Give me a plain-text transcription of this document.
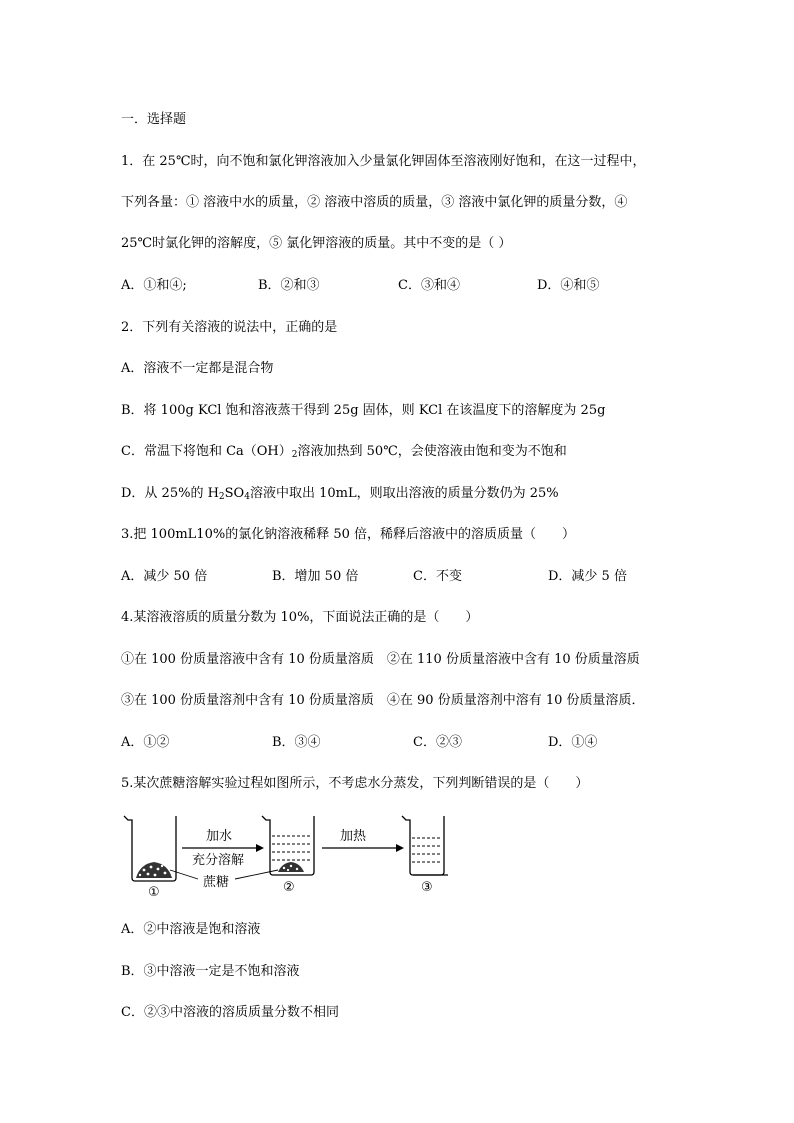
一．选择题
1．在 25℃时，向不饱和氯化钾溶液加入少量氯化钾固体至溶液刚好饱和，在这一过程中，
下列各量：① 溶液中水的质量，② 溶液中溶质的质量，③ 溶液中氯化钾的质量分数，④
25℃时氯化钾的溶解度，⑤ 氯化钾溶液的质量。其中不变的是（ ）
A．①和④;	B．②和③	C．③和④	D．④和⑤
2．下列有关溶液的说法中，正确的是
A．溶液不一定都是混合物
B．将 100g KCl 饱和溶液蒸干得到 25g 固体，则 KCl 在该温度下的溶解度为 25g
C．常温下将饱和 $Ca(OH)_2$溶液加热到 50℃，会使溶液由饱和变为不饱和
D．从 25%的 $H_2SO_4$溶液中取出 10mL，则取出溶液的质量分数仍为 25%
3.把 100mL10%的氯化钠溶液稀释 50 倍，稀释后溶液中的溶质质量（　　）
A．减少 50 倍	B．增加 50 倍	C．不变	D．减少 5 倍
4.某溶液溶质的质量分数为 10%，下面说法正确的是（　　）
①在 100 份质量溶液中含有 10 份质量溶质　②在 110 份质量溶液中含有 10 份质量溶质
③在 100 份质量溶剂中含有 10 份质量溶质　④在 90 份质量溶剂中溶有 10 份质量溶质．
A．①②	B．③④	C．②③	D．①④
5.某次蔗糖溶解实验过程如图所示，不考虑水分蒸发，下列判断错误的是（　　）
加水
充分溶解
蔗糖
加热
①	②	③
A．②中溶液是饱和溶液
B．③中溶液一定是不饱和溶液
C．②③中溶液的溶质质量分数不相同
